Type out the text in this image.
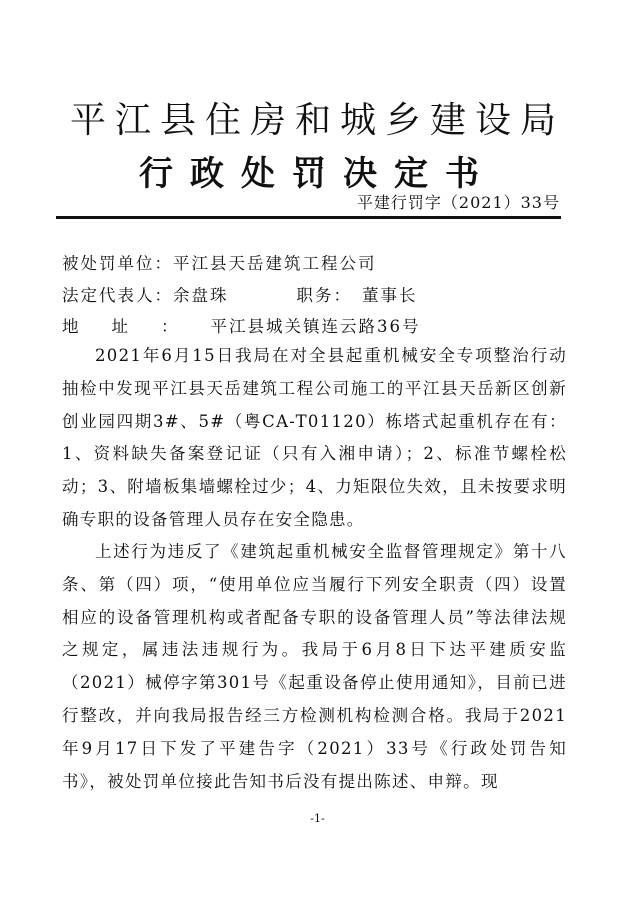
平江县住房和城乡建设局
行政处罚决定书
平建行罚字（2021）33号
被处罚单位：平江县天岳建筑工程公司
法定代表人：余盘珠	职务： 董事长
地址：平江县城关镇连云路36号

2021年6月15日我局在对全县起重机械安全专项整治行动抽检中发现平江县天岳建筑工程公司施工的平江县天岳新区创新创业园四期3#、5#（粤CA-T01120）栋塔式起重机存在有：1、资料缺失备案登记证（只有入湘申请）；2、标准节螺栓松动；3、附墙板集墙螺栓过少；4、力矩限位失效，且未按要求明确专职的设备管理人员存在安全隐患。

上述行为违反了《建筑起重机械安全监督管理规定》第十八条、第（四）项，“使用单位应当履行下列安全职责（四）设置相应的设备管理机构或者配备专职的设备管理人员”等法律法规之规定，属违法违规行为。我局于6月8日下达平建质安监（2021）械停字第301号《起重设备停止使用通知》，目前已进行整改，并向我局报告经三方检测机构检测合格。我局于2021年9月17日下发了平建告字（2021）33号《行政处罚告知书》，被处罚单位接此告知书后没有提出陈述、申辩。现

-1-
